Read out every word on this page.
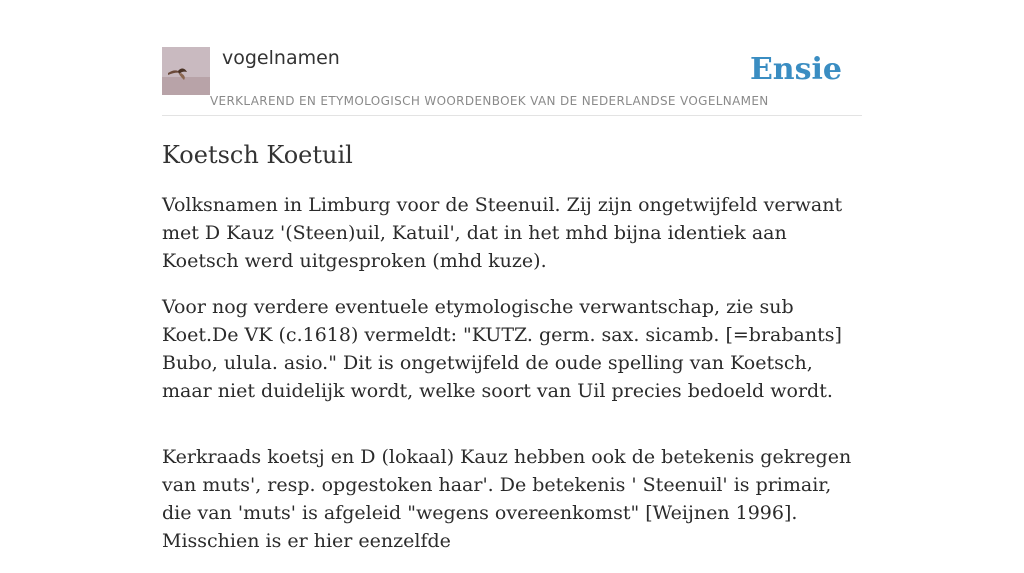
vogelnamen
VERKLAREND EN ETYMOLOGISCH WOORDENBOEK VAN DE NEDERLANDSE VOGELNAMEN
Ensie
Koetsch Koetuil

Volksnamen in Limburg voor de Steenuil. Zij zijn ongetwijfeld verwant met D Kauz '(Steen)uil, Katuil', dat in het mhd bijna identiek aan Koetsch werd uitgesproken (mhd kuze).

Voor nog verdere eventuele etymologische verwantschap, zie sub Koet.De VK (c.1618) vermeldt: "KUTZ. germ. sax. sicamb. [=brabants] Bubo, ulula. asio." Dit is ongetwijfeld de oude spelling van Koetsch, maar niet duidelijk wordt, welke soort van Uil precies bedoeld wordt.

Kerkraads koetsj en D (lokaal) Kauz hebben ook de betekenis gekregen van muts', resp. opgestoken haar'. De betekenis ' Steenuil' is primair, die van 'muts' is afgeleid "wegens overeenkomst" [Weijnen 1996]. Misschien is er hier eenzelfde
